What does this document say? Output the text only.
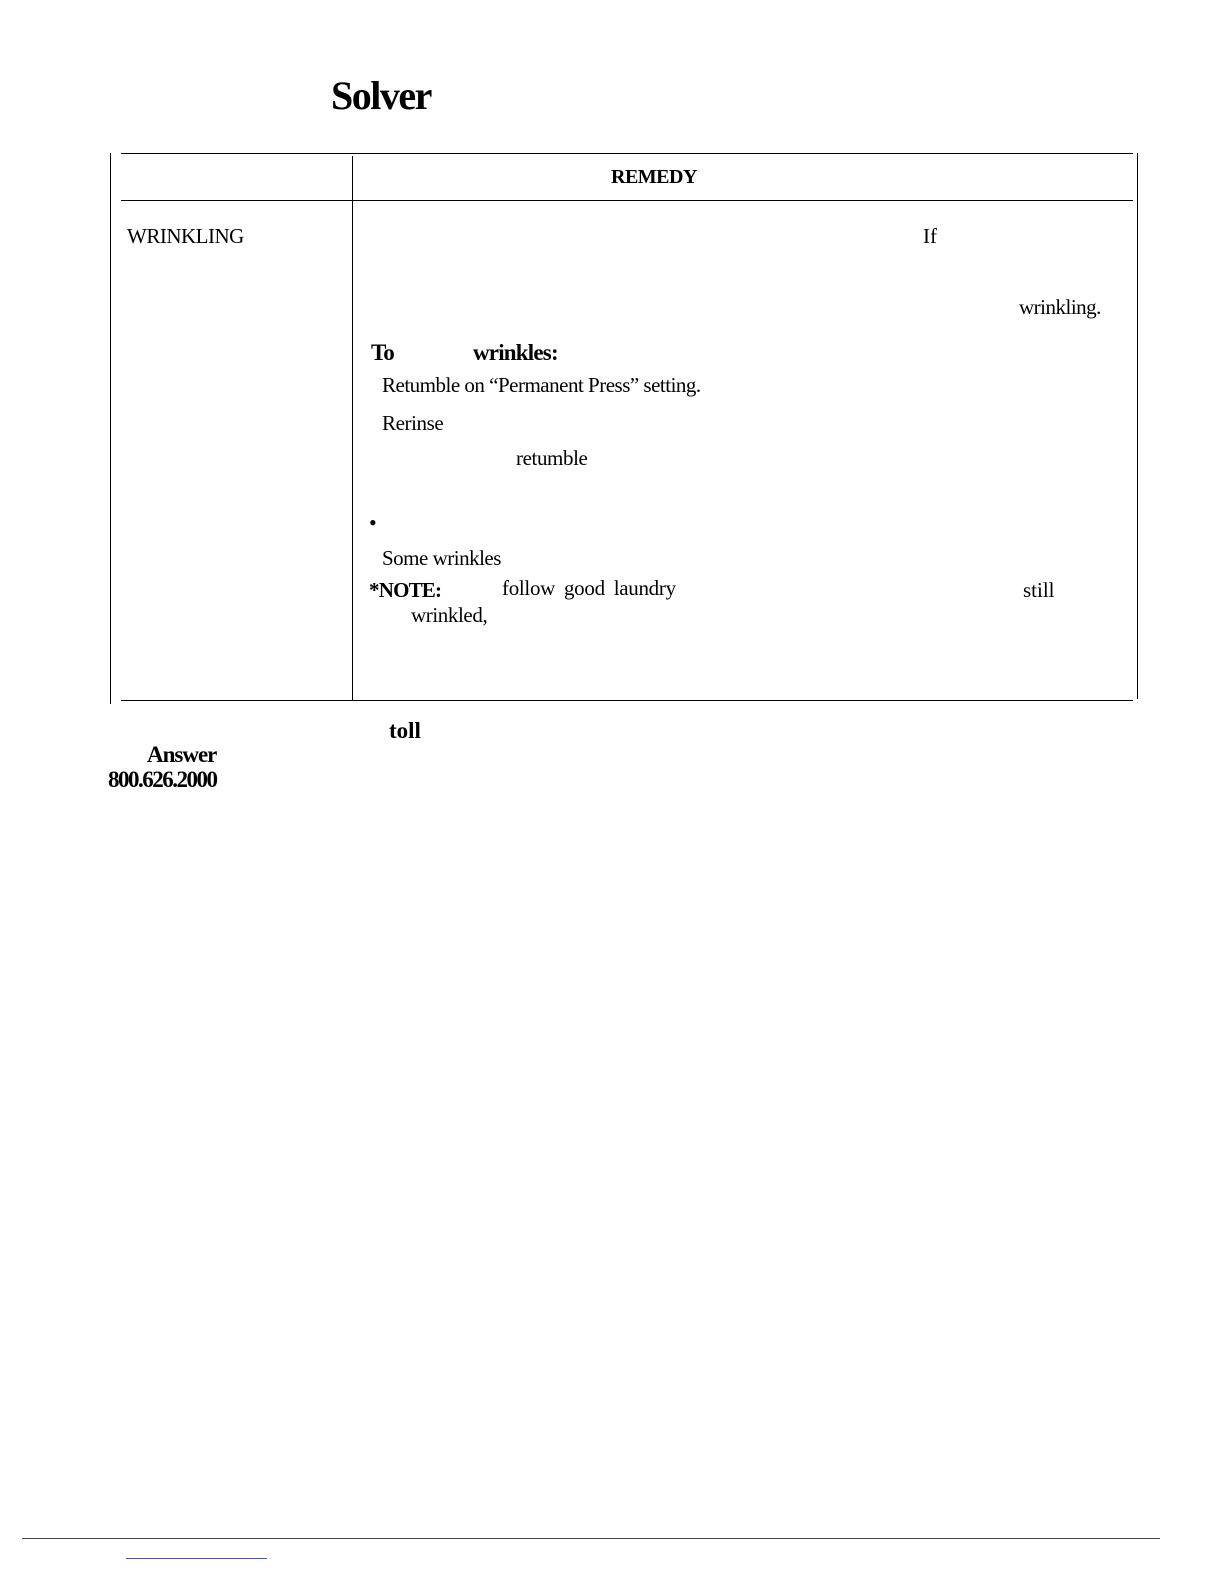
Solver
REMEDY
WRINKLING	If
wrinkling.
To	wrinkles:
Retumble on “Permanent Press” setting.
Rerinse
retumble
•
Some wrinkles
*NOTE:	follow good laundry	still
wrinkled,
toll
Answer
800.626.2000
